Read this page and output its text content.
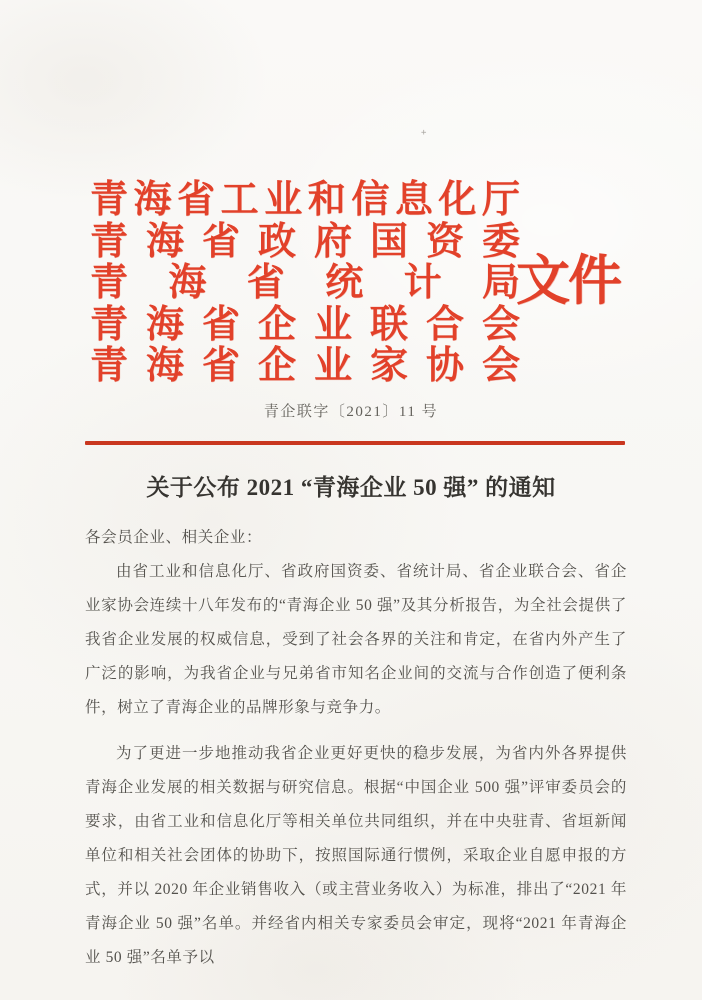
+
青海省工业和信息化厅
青海省政府国资委
青海省统计局
青海省企业联合会
青海省企业家协会
文件
青企联字〔2021〕11 号
关于公布 2021 “青海企业 50 强” 的通知

各会员企业、相关企业：

由省工业和信息化厅、省政府国资委、省统计局、省企业联合会、省企业家协会连续十八年发布的“青海企业 50 强”及其分析报告，为全社会提供了我省企业发展的权威信息，受到了社会各界的关注和肯定，在省内外产生了广泛的影响，为我省企业与兄弟省市知名企业间的交流与合作创造了便利条件，树立了青海企业的品牌形象与竞争力。

为了更进一步地推动我省企业更好更快的稳步发展，为省内外各界提供青海企业发展的相关数据与研究信息。根据“中国企业 500 强”评审委员会的要求，由省工业和信息化厅等相关单位共同组织，并在中央驻青、省垣新闻单位和相关社会团体的协助下，按照国际通行惯例，采取企业自愿申报的方式，并以 2020 年企业销售收入（或主营业务收入）为标准，排出了“2021 年青海企业 50 强”名单。并经省内相关专家委员会审定，现将“2021 年青海企业 50 强”名单予以
